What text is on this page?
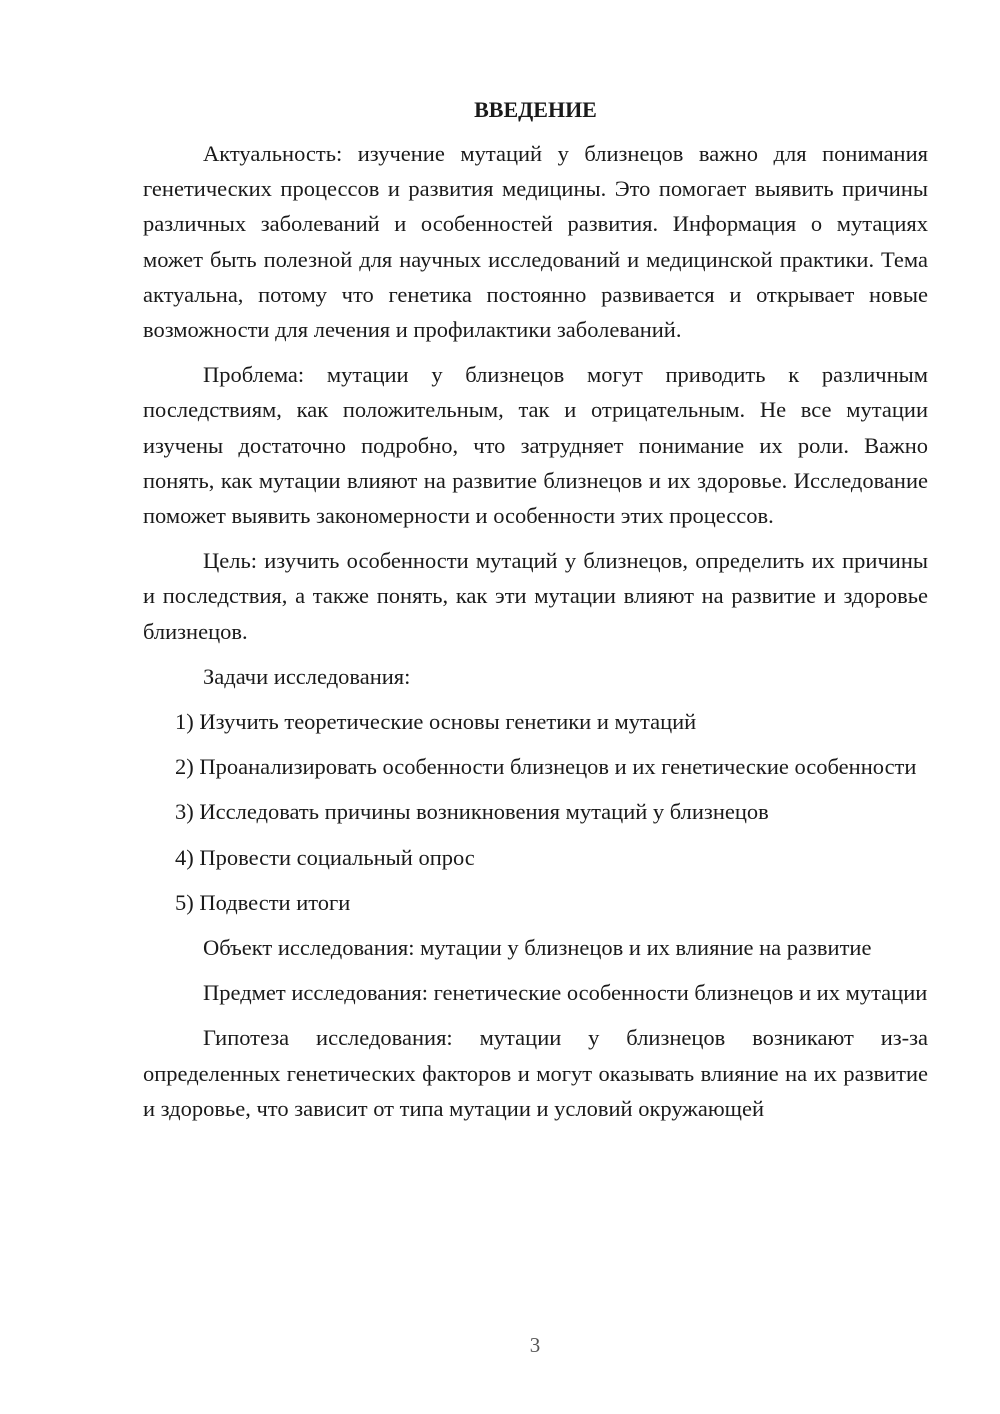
ВВЕДЕНИЕ

Актуальность: изучение мутаций у близнецов важно для понимания генетических процессов и развития медицины. Это помогает выявить причины различных заболеваний и особенностей развития. Информация о мутациях может быть полезной для научных исследований и медицинской практики. Тема актуальна, потому что генетика постоянно развивается и открывает новые возможности для лечения и профилактики заболеваний.

Проблема: мутации у близнецов могут приводить к различным последствиям, как положительным, так и отрицательным. Не все мутации изучены достаточно подробно, что затрудняет понимание их роли. Важно понять, как мутации влияют на развитие близнецов и их здоровье. Исследование поможет выявить закономерности и особенности этих процессов.

Цель: изучить особенности мутаций у близнецов, определить их причины и последствия, а также понять, как эти мутации влияют на развитие и здоровье близнецов.

Задачи исследования:

1) Изучить теоретические основы генетики и мутаций

2) Проанализировать особенности близнецов и их генетические особенности

3) Исследовать причины возникновения мутаций у близнецов

4) Провести социальный опрос

5) Подвести итоги

Объект исследования: мутации у близнецов и их влияние на развитие

Предмет исследования: генетические особенности близнецов и их мутации

Гипотеза исследования: мутации у близнецов возникают из-за определенных генетических факторов и могут оказывать влияние на их развитие и здоровье, что зависит от типа мутации и условий окружающей

3
